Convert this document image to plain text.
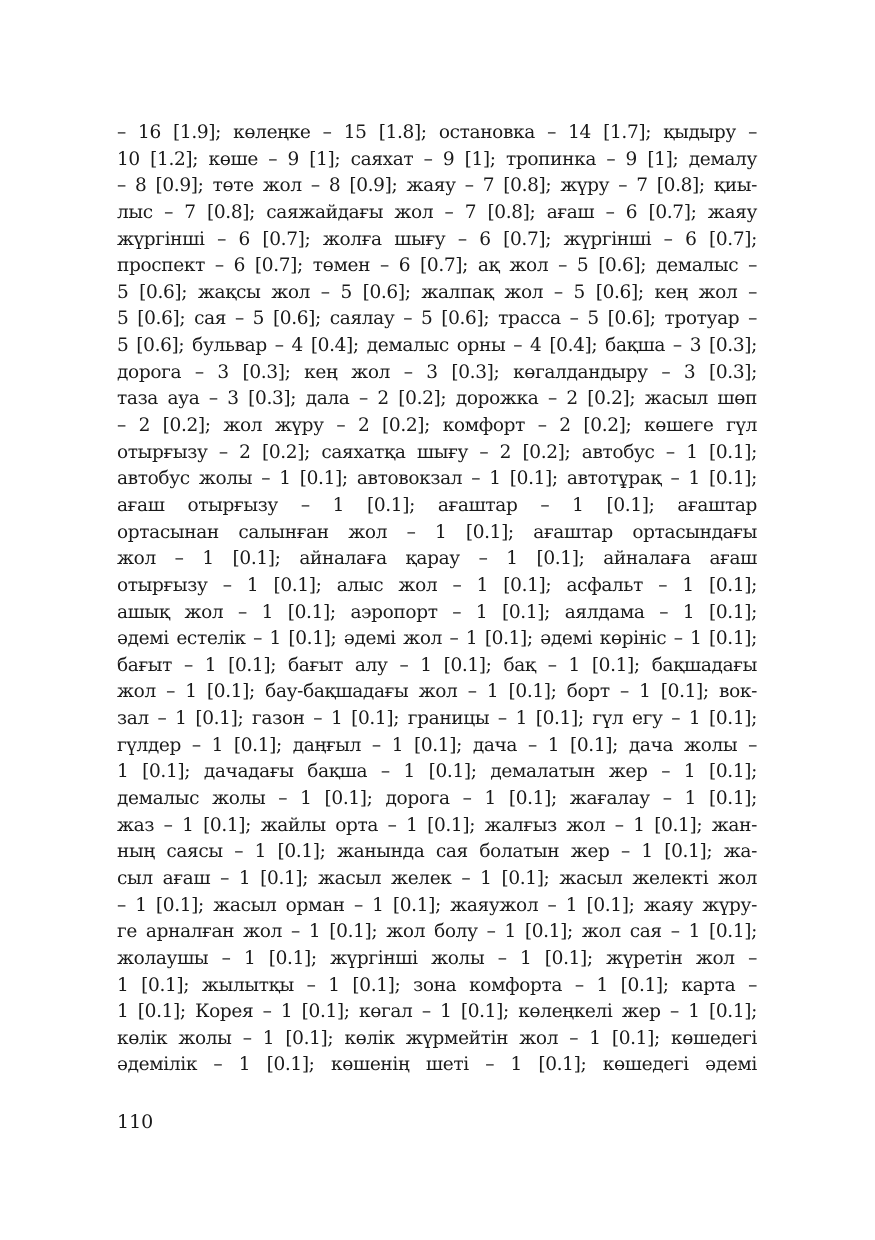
– 16 [1.9]; көлеңке – 15 [1.8]; остановка – 14 [1.7]; қыдыру –
10 [1.2]; көше – 9 [1]; саяхат – 9 [1]; тропинка – 9 [1]; демалу
– 8 [0.9]; төте жол – 8 [0.9]; жаяу – 7 [0.8]; жүру – 7 [0.8]; қиы-
лыс – 7 [0.8]; саяжайдағы жол – 7 [0.8]; ағаш – 6 [0.7]; жаяу
жүргінші – 6 [0.7]; жолға шығу – 6 [0.7]; жүргінші – 6 [0.7];
проспект – 6 [0.7]; төмен – 6 [0.7]; ақ жол – 5 [0.6]; демалыс –
5 [0.6]; жақсы жол – 5 [0.6]; жалпақ жол – 5 [0.6]; кең жол –
5 [0.6]; сая – 5 [0.6]; саялау – 5 [0.6]; трасса – 5 [0.6]; тротуар –
5 [0.6]; бульвар – 4 [0.4]; демалыс орны – 4 [0.4]; бақша – 3 [0.3];
дорога – 3 [0.3]; кең жол – 3 [0.3]; көгалдандыру – 3 [0.3];
таза ауа – 3 [0.3]; дала – 2 [0.2]; дорожка – 2 [0.2]; жасыл шөп
– 2 [0.2]; жол жүру – 2 [0.2]; комфорт – 2 [0.2]; көшеге гүл
отырғызу – 2 [0.2]; саяхатқа шығу – 2 [0.2]; автобус – 1 [0.1];
автобус жолы – 1 [0.1]; автовокзал – 1 [0.1]; автотұрақ – 1 [0.1];
ағаш отырғызу – 1 [0.1]; ағаштар – 1 [0.1]; ағаштар
ортасынан салынған жол – 1 [0.1]; ағаштар ортасындағы
жол – 1 [0.1]; айналаға қарау – 1 [0.1]; айналаға ағаш
отырғызу – 1 [0.1]; алыс жол – 1 [0.1]; асфальт – 1 [0.1];
ашық жол – 1 [0.1]; аэропорт – 1 [0.1]; аялдама – 1 [0.1];
әдемі естелік – 1 [0.1]; әдемі жол – 1 [0.1]; әдемі көрініс – 1 [0.1];
бағыт – 1 [0.1]; бағыт алу – 1 [0.1]; бақ – 1 [0.1]; бақшадағы
жол – 1 [0.1]; бау-бақшадағы жол – 1 [0.1]; борт – 1 [0.1]; вок-
зал – 1 [0.1]; газон – 1 [0.1]; границы – 1 [0.1]; гүл егу – 1 [0.1];
гүлдер – 1 [0.1]; даңғыл – 1 [0.1]; дача – 1 [0.1]; дача жолы –
1 [0.1]; дачадағы бақша – 1 [0.1]; демалатын жер – 1 [0.1];
демалыс жолы – 1 [0.1]; дорога – 1 [0.1]; жағалау – 1 [0.1];
жаз – 1 [0.1]; жайлы орта – 1 [0.1]; жалғыз жол – 1 [0.1]; жан-
ның саясы – 1 [0.1]; жанында сая болатын жер – 1 [0.1]; жа-
сыл ағаш – 1 [0.1]; жасыл желек – 1 [0.1]; жасыл желекті жол
– 1 [0.1]; жасыл орман – 1 [0.1]; жаяужол – 1 [0.1]; жаяу жүру-
ге арналған жол – 1 [0.1]; жол болу – 1 [0.1]; жол сая – 1 [0.1];
жолаушы – 1 [0.1]; жүргінші жолы – 1 [0.1]; жүретін жол –
1 [0.1]; жылытқы – 1 [0.1]; зона комфорта – 1 [0.1]; карта –
1 [0.1]; Корея – 1 [0.1]; көгал – 1 [0.1]; көлеңкелі жер – 1 [0.1];
көлік жолы – 1 [0.1]; көлік жүрмейтін жол – 1 [0.1]; көшедегі
әдемілік – 1 [0.1]; көшенің шеті – 1 [0.1]; көшедегі әдемі
110
